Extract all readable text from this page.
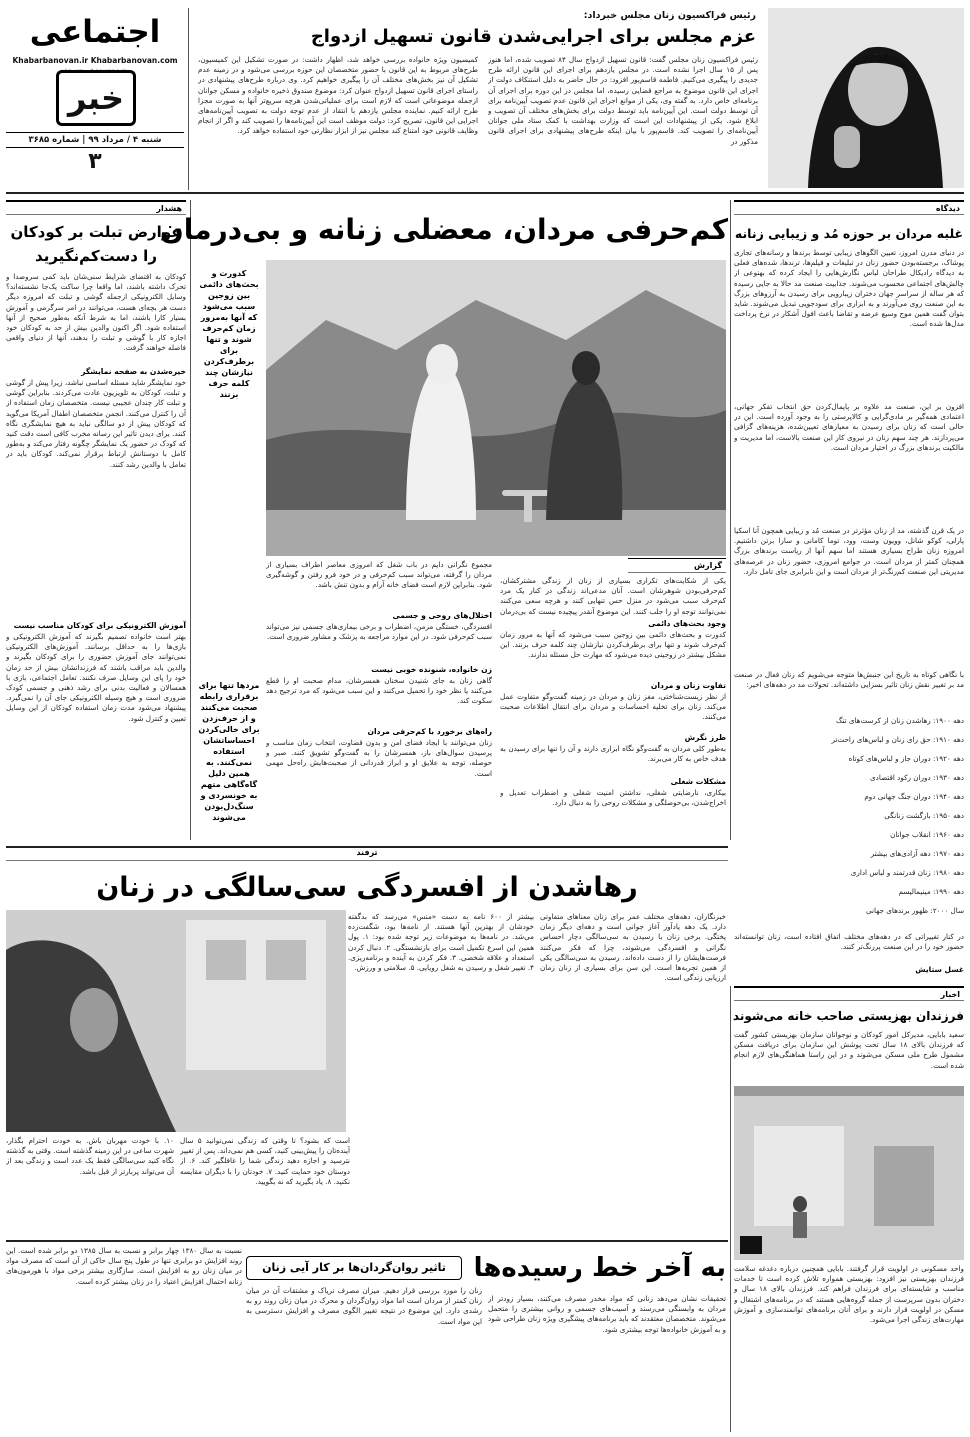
اجتماعی
Khabarbanovan.ir Khabarbanovan.com
خبر
روزنامه صبح جمهوری اسلامی - هفتمین شماره
شنبه ۴ / مرداد ۹۹ | شماره ۳۶۸۵
۳
رئیس فراکسیون زنان مجلس خبرداد:
عزم مجلس برای اجرایی‌شدن قانون تسهیل ازدواج
رئیس فراکسیون زنان مجلس گفت: قانون تسهیل ازدواج سال ۸۴ تصویب شده، اما هنوز پس از ۱۵ سال اجرا نشده است. در مجلس یازدهم برای اجرای این قانون ارائه طرح جدیدی را پیگیری می‌کنیم. فاطمه قاسم‌پور افزود: در حال حاضر به دلیل استنکاف دولت از اجرای این قانون موضوع به مراجع قضایی رسیده، اما مجلس در این دوره برای اجرای آن برنامه‌ای خاص دارد. به گفته وی، یکی از موانع اجرای این قانون عدم تصویب آیین‌نامه برای آن توسط دولت است. این آیین‌نامه باید توسط دولت برای بخش‌های مختلف آن تصویب و ابلاغ شود. یکی از پیشنهادات این است که وزارت بهداشت با کمک ستاد ملی جوانان آیین‌نامه‌ای را تصویب کند. قاسم‌پور با بیان اینکه طرح‌های پیشنهادی برای اجرای قانون مذکور در
کمیسیون ویژه خانواده بررسی خواهد شد، اظهار داشت: در صورت تشکیل این کمیسیون، طرح‌های مربوط به این قانون با حضور متخصصان این حوزه بررسی می‌شود و در زمینه عدم تشکیل آن نیز بخش‌های مختلف آن را پیگیری خواهیم کرد. وی درباره طرح‌های پیشنهادی در راستای اجرای قانون تسهیل ازدواج عنوان کرد: موضوع صندوق ذخیره خانواده و مسکن جوانان ازجمله موضوعاتی است که لازم است برای عملیاتی‌شدن هرچه سریع‌تر آنها به صورت مجزا طرح ارائه کنیم. نماینده مجلس یازدهم با انتقاد از عدم توجه دولت به تصویب آیین‌نامه‌های اجرایی این قانون، تصریح کرد: دولت موظف است این آیین‌نامه‌ها را تصویب کند و اگر از انجام وظایف قانونی خود امتناع کند مجلس نیز از ابزار نظارتی خود استفاده خواهد کرد.
هشدار
عوارض تبلت بر کودکان را دست‌کم‌نگیرید
کودکان به اقتضای شرایط سنی‌شان باید کمی سروصدا و تحرک داشته باشند، اما واقعا چرا ساکت یک‌جا نشسته‌اند؟ وسایل الکترونیکی ازجمله گوشی و تبلت که امروزه دیگر دست هر بچه‌ای هست، می‌توانند در امر سرگرمی و آموزش بسیار کارا باشند، اما به شرط آنکه به‌طور صحیح از آنها استفاده شود. اگر اکنون والدین بیش از حد به کودکان خود اجازه کار با گوشی و تبلت را بدهند، آنها از دنیای واقعی فاصله خواهند گرفت.
خیره‌شدن به صفحه نمایشگر
خود نمایشگر شاید مسئله اساسی نباشد، زیرا پیش از گوشی و تبلت، کودکان به تلویزیون عادت می‌کردند. بنابراین گوشی و تبلت کار چندان عجیبی نیست. متخصصان زمان استفاده از آن را کنترل می‌کنند. انجمن متخصصان اطفال آمریکا می‌گوید که کودکان پیش از دو سالگی نباید به هیچ نمایشگری نگاه کنند. برای دیدن تاثیر این رسانه مخرب کافی است دقت کنید که کودک در حضور یک نمایشگر چگونه رفتار می‌کند و به‌طور کامل با دوستانش ارتباط برقرار نمی‌کند. کودکان باید در تعامل با والدین رشد کنند.
آموزش الکترونیکی برای کودکان مناسب نیست
بهتر است خانواده تصمیم بگیرند که آموزش الکترونیکی و بازی‌ها را به حداقل برسانند. آموزش‌های الکترونیکی نمی‌توانند جای آموزش حضوری را برای کودکان بگیرند و والدین باید مراقب باشند که فرزندانشان بیش از حد زمان خود را پای این وسایل صرف نکنند. تعامل اجتماعی، بازی با همسالان و فعالیت بدنی برای رشد ذهنی و جسمی کودک ضروری است و هیچ وسیله الکترونیکی جای آن را نمی‌گیرد. پیشنهاد می‌شود مدت زمان استفاده کودکان از این وسایل تعیین و کنترل شود.
کم‌حرفی مردان، معضلی زنانه و بی‌درمان
کدورت و بحث‌های دائمی بین زوجین سبب می‌شود که آنها به‌مرور زمان کم‌حرف شوند و تنها برای برطرف‌کردن نیازشان چند کلمه حرف بزنند
مردها تنها برای برقراری رابطه صحبت می‌کنند و از حرف‌زدن برای خالی‌کردن احساساتشان استفاده نمی‌کنند. به همین دلیل گاه‌گاهی متهم به خونسردی و سنگ‌دل‌بودن می‌شوند
گزارش
یکی از شکایت‌های تکراری بسیاری از زنان از زندگی مشترکشان، کم‌حرفی‌بودن شوهرشان است. آنان مدعی‌اند زندگی در کنار یک مرد کم‌حرف سبب می‌شود در منزل حس تنهایی کنند و هرچه سعی می‌کنند نمی‌توانند توجه او را جلب کنند. این موضوع آنقدر پیچیده نیست که بی‌درمان
وجود بحث‌های دائمی
کدورت و بحث‌های دائمی بین زوجین سبب می‌شود که آنها به مرور زمان کم‌حرف شوند و تنها برای برطرف‌کردن نیازشان چند کلمه حرف بزنند. این مشکل بیشتر در زوجینی دیده می‌شود که مهارت حل مسئله ندارند.
تفاوت زنان و مردان
از نظر زیست‌شناختی، مغز زنان و مردان در زمینه گفت‌وگو متفاوت عمل می‌کند. زنان برای تخلیه احساسات و مردان برای انتقال اطلاعات صحبت می‌کنند.
طرز نگرش
به‌طور کلی مردان به گفت‌وگو نگاه ابزاری دارند و آن را تنها برای رسیدن به هدف خاص به کار می‌برند.
مشکلات شغلی
بیکاری، نارضایتی شغلی، نداشتن امنیت شغلی و اضطراب تعدیل و اخراج‌شدن، بی‌حوصلگی و مشکلات روحی را به دنبال دارد.
مجموع نگرانی دایم در باب شغل که امروزی معاصر اطراف بسیاری از مردان را گرفته، می‌تواند سبب کم‌حرفی و در خود فرو رفتن و گوشه‌گیری شود. بنابراین لازم است فضای خانه آرام و بدون تنش باشد.
اختلال‌های روحی و جسمی
افسردگی، خستگی مزمن، اضطراب و برخی بیماری‌های جسمی نیز می‌تواند سبب کم‌حرفی شود. در این موارد مراجعه به پزشک و مشاور ضروری است.
زن خانواده، شنونده خوبی نیست
گاهی زنان به جای شنیدن سخنان همسرشان، مدام صحبت او را قطع می‌کنند یا نظر خود را تحمیل می‌کنند و این سبب می‌شود که مرد ترجیح دهد سکوت کند.
راه‌های برخورد با کم‌حرفی مردان
زنان می‌توانند با ایجاد فضای امن و بدون قضاوت، انتخاب زمان مناسب و پرسیدن سوال‌های باز، همسرشان را به گفت‌وگو تشویق کنند. صبر و حوصله، توجه به علایق او و ابراز قدردانی از صحبت‌هایش راه‌حل مهمی است.
دیدگاه
غلبه مردان بر حوزه مُد و زیبایی زنانه
در دنیای مدرن امروز، تعیین الگوهای زیبایی توسط برندها و رسانه‌های تجاری پوشاک، برجسته‌بودن حضور زنان در تبلیغات و فیلم‌ها، ترندها، شده‌های فعلی به دیدگاه رادیکال طراحان لباس نگارش‌هایی را ایجاد کرده که بهنوعی از چالش‌های اجتماعی محسوب می‌شوند. جذابیت صنعت مد حالا به جایی رسیده که هر ساله از سراسر جهان دختران زیبارویی برای رسیدن به آرزوهای بزرگ به این صنعت روی می‌آورند و به ابزاری برای سودجویی تبدیل می‌شوند. شاید بتوان گفت همین موج وسیع عرضه و تقاضا باعث افول آشکار در نرخ پرداخت مدل‌ها شده است.
افزون بر این، صنعت مد علاوه بر پایمال‌کردن حق انتخاب تفکر جهانی، اعتمادی همه‌گیر بر مادی‌گرایی و کالاپرستی را به وجود آورده است. این در حالی است که زنان برای رسیدن به معیارهای تعیین‌شده، هزینه‌های گزافی می‌پردازند. هر چند سهم زنان در نیروی کار این صنعت بالاست، اما مدیریت و مالکیت برندهای بزرگ در اختیار مردان است.
در یک قرن گذشته، مد از زنان مؤثرتر در صنعت مُد و زیبایی همچون آنا اسکیا پارلی، کوکو شانل، وویون وست، وود، توما کامانی و سارا برتن داشتیم. امروزه زنان طراح بسیاری هستند اما سهم آنها از ریاست برندهای بزرگ همچنان کمتر از مردان است. در جوامع امروزی، حضور زنان در عرصه‌های مدیریتی این صنعت کم‌رنگ‌تر از مردان است و این نابرابری جای تامل دارد.
با نگاهی کوتاه به تاریخ این جنبش‌ها متوجه می‌شویم که زنان فعال در صنعت مد بر تغییر نقش زنان تاثیر بسزایی داشته‌اند. تحولات مد در دهه‌های اخیر:
دهه ۱۹۰۰: رهاشدن زنان از کرست‌های تنگ
دهه ۱۹۱۰: حق رای زنان و لباس‌های راحت‌تر
دهه ۱۹۲۰: دوران جاز و لباس‌های کوتاه
دهه ۱۹۳۰: دوران رکود اقتصادی
دهه ۱۹۴۰: دوران جنگ جهانی دوم
دهه ۱۹۵۰: بازگشت زنانگی
دهه ۱۹۶۰: انقلاب جوانان
دهه ۱۹۷۰: دهه آزادی‌های بیشتر
دهه ۱۹۸۰: زنان قدرتمند و لباس اداری
دهه ۱۹۹۰: مینیمالیسم
سال ۲۰۰۰: ظهور برندهای جهانی
در کنار تغییراتی که در دهه‌های مختلف اتفاق افتاده است، زنان توانسته‌اند حضور خود را در این صنعت پررنگ‌تر کنند.
غسل ستایش
اخبار
فرزندان بهزیستی صاحب خانه می‌شوند
سعید بابایی، مدیرکل امور کودکان و نوجوانان سازمان بهزیستی کشور گفت که فرزندان بالای ۱۸ سال تحت پوشش این سازمان برای دریافت مسکن مشمول طرح ملی مسکن می‌شوند و در این راستا هماهنگی‌های لازم انجام شده است.
واحد مسکونی در اولویت قرار گرفتند. بابایی همچنین درباره دغدغه سلامت فرزندان بهزیستی نیز افزود: بهزیستی همواره تلاش کرده است تا خدمات مناسب و شایسته‌ای برای فرزندان فراهم کند. فرزندان بالای ۱۸ سال و دختران بدون سرپرست از جمله گروه‌هایی هستند که در برنامه‌های اشتغال و مسکن در اولویت قرار دارند و برای آنان برنامه‌های توانمندسازی و آموزش مهارت‌های زندگی اجرا می‌شود.
ترفند
رهاشدن از افسردگی سی‌سالگی در زنان
خبرنگاران، دهه‌های مختلف عمر برای زنان معناهای متفاوتی دارد. یک دهه یادآور آغاز جوانی است و دهه‌ای دیگر زمان پختگی. برخی زنان با رسیدن به سی‌سالگی دچار احساس نگرانی و افسردگی می‌شوند، چرا که فکر می‌کنند فرصت‌هایشان را از دست داده‌اند. رسیدن به سی‌سالگی یکی از همین تجربه‌ها است. این سن برای بسیاری از زنان زمان ارزیابی زندگی است.
بیشتر از ۶۰۰ نامه به دست «منس» می‌رسد که بدگفته خودشان از بهترین آنها هستند. از نامه‌ها بود، شگفت‌زده می‌شد. در نامه‌ها به موضوعات زیر توجه شده بود: ۱. پول همین این اسرع تکمیل است برای بازنشستگی. ۲. دنبال کردن استعداد و علاقه شخصی. ۳. فکر کردن به آینده و برنامه‌ریزی. ۴. تغییر شغل و رسیدن به شغل رویایی. ۵. سلامتی و ورزش.
است که بشود؟ تا وقتی که زندگی نمی‌توانید ۵ سال آینده‌تان را پیش‌بینی کنید، کسی هم نمی‌داند. پس از تغییر نترسید و اجازه دهید زندگی شما را غافلگیر کند. ۶. از دوستان خود حمایت کنید. ۷. خودتان را با دیگران مقایسه نکنید. ۸. یاد بگیرید که نه بگویید.
۱۰. با خودت مهربان باش. به خودت احترام بگذار، شهرت ساعی در این زمینه گذشته است. وقتی به گذشته نگاه کنید سی‌سالگی فقط یک عدد است و زندگی بعد از آن می‌تواند پربارتر از قبل باشد.
به آخر خط رسیده‌ها
تاثیر روان‌گردان‌ها بر کار آیی زنان
نسبت به سال ۱۳۸۰ چهار برابر و نسبت به سال ۱۳۸۵ دو برابر شده است. این روند افزایش دو برابری تنها در طول پنج سال حاکی از آن است که مصرف مواد در میان زنان رو به افزایش است. سازگاری بیشتر برخی مواد با هورمون‌های زنانه احتمال افزایش اعتیاد را در زنان بیشتر کرده است.
زنان را مورد بررسی قرار دهیم. میزان مصرف تریاک و مشتقات آن در میان زنان کمتر از مردان است اما مواد روان‌گردان و محرک در میان زنان روند رو به رشدی دارد. این موضوع در نتیجه تغییر الگوی مصرف و افزایش دسترسی به این مواد است.
تحقیقات نشان می‌دهد زنانی که مواد مخدر مصرف می‌کنند، بسیار زودتر از مردان به وابستگی می‌رسند و آسیب‌های جسمی و روانی بیشتری را متحمل می‌شوند. متخصصان معتقدند که باید برنامه‌های پیشگیری ویژه زنان طراحی شود و به آموزش خانواده‌ها توجه بیشتری شود.
